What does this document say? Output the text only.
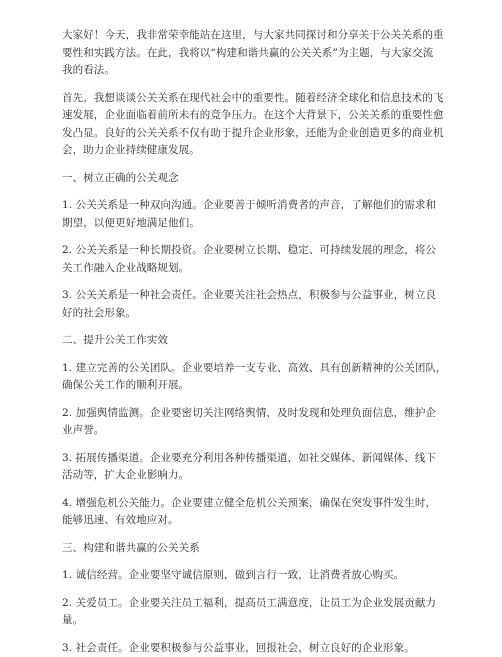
大家好！今天，我非常荣幸能站在这里，与大家共同探讨和分享关于公关关系的重
要性和实践方法。在此，我将以“构建和谐共赢的公关关系”为主题，与大家交流
我的看法。

首先，我想谈谈公关关系在现代社会中的重要性。随着经济全球化和信息技术的飞
速发展，企业面临着前所未有的竞争压力。在这个大背景下，公关关系的重要性愈
发凸显。良好的公关关系不仅有助于提升企业形象，还能为企业创造更多的商业机
会，助力企业持续健康发展。

一、树立正确的公关观念

1. 公关关系是一种双向沟通。企业要善于倾听消费者的声音，了解他们的需求和
期望，以便更好地满足他们。

2. 公关关系是一种长期投资。企业要树立长期、稳定、可持续发展的理念，将公
关工作融入企业战略规划。

3. 公关关系是一种社会责任。企业要关注社会热点，积极参与公益事业，树立良
好的社会形象。

二、提升公关工作实效

1. 建立完善的公关团队。企业要培养一支专业、高效、具有创新精神的公关团队，
确保公关工作的顺利开展。

2. 加强舆情监测。企业要密切关注网络舆情，及时发现和处理负面信息，维护企
业声誉。

3. 拓展传播渠道。企业要充分利用各种传播渠道，如社交媒体、新闻媒体、线下
活动等，扩大企业影响力。

4. 增强危机公关能力。企业要建立健全危机公关预案，确保在突发事件发生时，
能够迅速、有效地应对。

三、构建和谐共赢的公关关系

1. 诚信经营。企业要坚守诚信原则，做到言行一致，让消费者放心购买。

2. 关爱员工。企业要关注员工福利，提高员工满意度，让员工为企业发展贡献力
量。

3. 社会责任。企业要积极参与公益事业，回报社会，树立良好的企业形象。
